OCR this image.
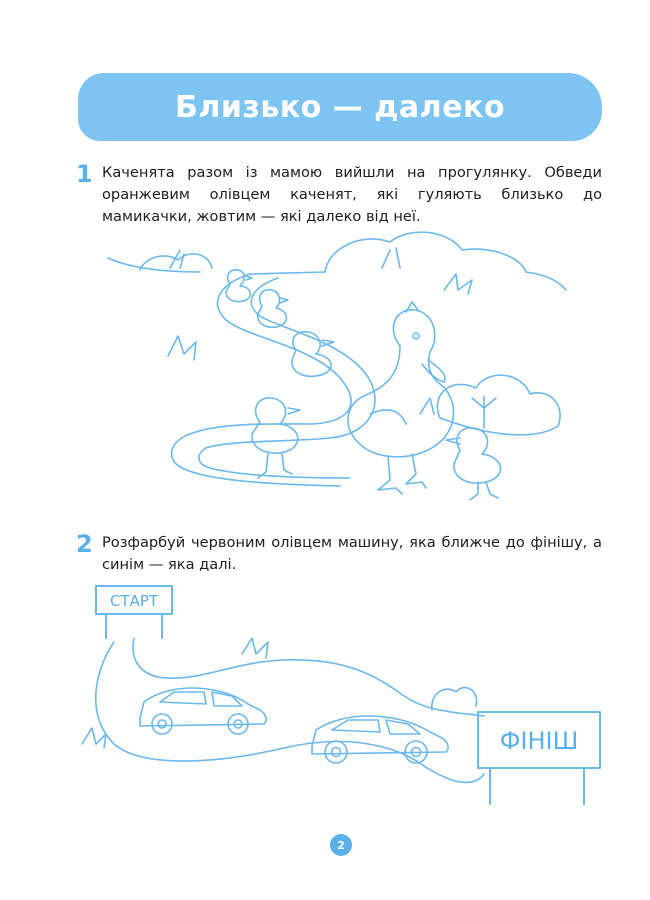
Близько — далеко
1 Каченята разом із мамою вийшли на прогулянку. Обведи оранжевим олівцем каченят, які гуляють близько до мамикачки, жовтим — які далеко від неї.
2 Розфарбуй червоним олівцем машину, яка ближче до фінішу, а синім — яка далі.
СТАРТ
ФІНІШ
2
